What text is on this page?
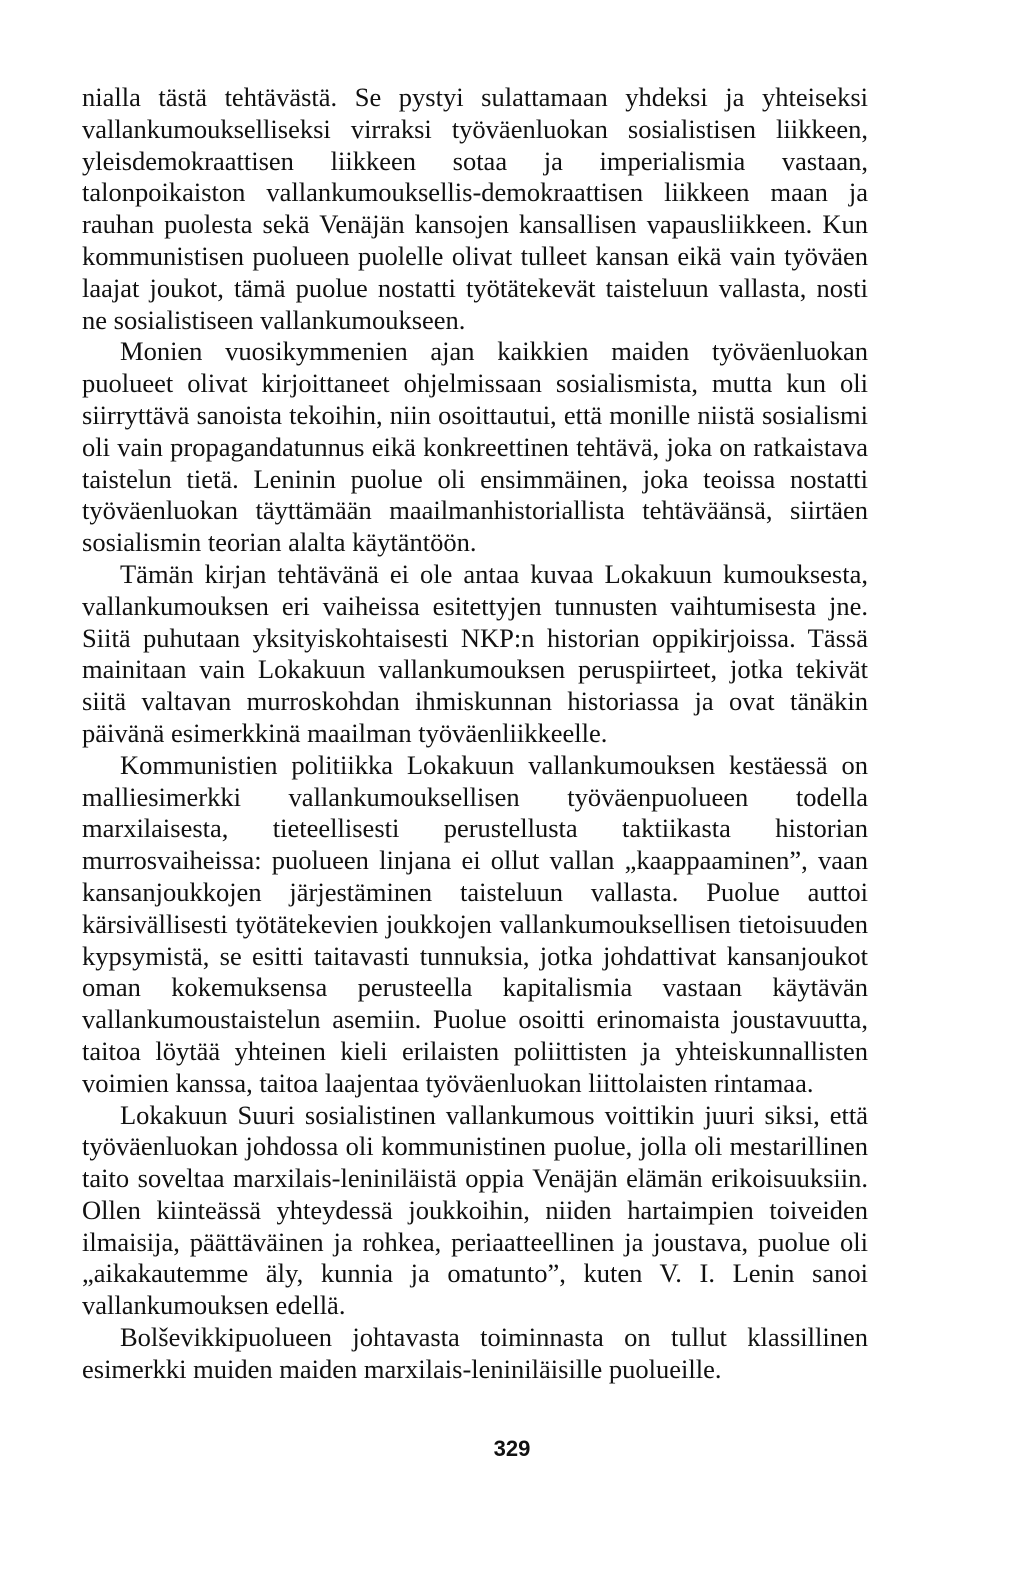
nialla tästä tehtävästä. Se pystyi sulattamaan yhdeksi ja yhteiseksi vallankumoukselliseksi virraksi työväenluokan sosialistisen liikkeen, yleisdemokraattisen liikkeen sotaa ja imperialismia vastaan, talonpoikaiston vallankumouksellis-demokraattisen liikkeen maan ja rauhan puolesta sekä Venäjän kansojen kansallisen vapausliikkeen. Kun kommunistisen puolueen puolelle olivat tulleet kansan eikä vain työväen laajat joukot, tämä puolue nostatti työtätekevät taisteluun vallasta, nosti ne sosialistiseen vallankumoukseen.

Monien vuosikymmenien ajan kaikkien maiden työväenluokan puolueet olivat kirjoittaneet ohjelmissaan sosialismista, mutta kun oli siirryttävä sanoista tekoihin, niin osoittautui, että monille niistä sosialismi oli vain propagandatunnus eikä konkreettinen tehtävä, joka on ratkaistava taistelun tietä. Leninin puolue oli ensimmäinen, joka teoissa nostatti työväenluokan täyttämään maailmanhistoriallista tehtäväänsä, siirtäen sosialismin teorian alalta käytäntöön.

Tämän kirjan tehtävänä ei ole antaa kuvaa Lokakuun kumouksesta, vallankumouksen eri vaiheissa esitettyjen tunnusten vaihtumisesta jne. Siitä puhutaan yksityiskohtaisesti NKP:n historian oppikirjoissa. Tässä mainitaan vain Lokakuun vallankumouksen peruspiirteet, jotka tekivät siitä valtavan murroskohdan ihmiskunnan historiassa ja ovat tänäkin päivänä esimerkkinä maailman työväenliikkeelle.

Kommunistien politiikka Lokakuun vallankumouksen kestäessä on malliesimerkki vallankumouksellisen työväenpuolueen todella marxilaisesta, tieteellisesti perustellusta taktiikasta historian murrosvaiheissa: puolueen linjana ei ollut vallan „kaappaaminen”, vaan kansanjoukkojen järjestäminen taisteluun vallasta. Puolue auttoi kärsivällisesti työtätekevien joukkojen vallankumouksellisen tietoisuuden kypsymistä, se esitti taitavasti tunnuksia, jotka johdattivat kansanjoukot oman kokemuksensa perusteella kapitalismia vastaan käytävän vallankumoustaistelun asemiin. Puolue osoitti erinomaista joustavuutta, taitoa löytää yhteinen kieli erilaisten poliittisten ja yhteiskunnallisten voimien kanssa, taitoa laajentaa työväenluokan liittolaisten rintamaa.

Lokakuun Suuri sosialistinen vallankumous voittikin juuri siksi, että työväenluokan johdossa oli kommunistinen puolue, jolla oli mestarillinen taito soveltaa marxilais-leniniläistä oppia Venäjän elämän erikoisuuksiin. Ollen kiinteässä yhteydessä joukkoihin, niiden hartaimpien toiveiden ilmaisija, päättäväinen ja rohkea, periaatteellinen ja joustava, puolue oli „aikakautemme äly, kunnia ja omatunto”, kuten V. I. Lenin sanoi vallankumouksen edellä.

Bolševikkipuolueen johtavasta toiminnasta on tullut klassillinen esimerkki muiden maiden marxilais-leniniläisille puolueille.

329
